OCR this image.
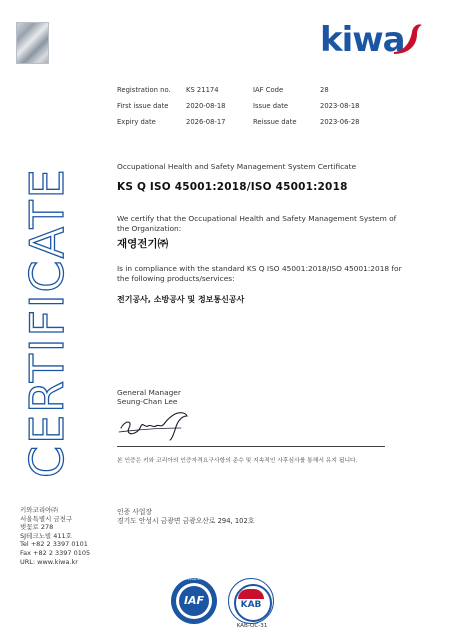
kiwa
CERTIFICATE
Registration no. KS 21174	IAF Code	28
First issue date	2020-08-18	Issue date	2023-08-18
Expiry date	2026-08-17	Reissue date	2023-06-28
Occupational Health and Safety Management System Certificate
KS Q ISO 45001:2018/ISO 45001:2018
We certify that the Occupational Health and Safety Management System of the Organization:
재영전기㈜
Is in compliance with the standard KS Q ISO 45001:2018/ISO 45001:2018 for the following products/services:
전기공사, 소방공사 및 정보통신공사
General Manager
Seung-Chan Lee
본 인증은 키와 코리아의 인증자격요구사항의 준수 및 지속적인 사후심사를 통해서 유지 됩니다.
키와코리아㈜
서울특별시 금천구
벚꽃로 278
SJ테크노빌 411호
Tel +82 2 3397 0101
Fax +82 2 3397 0105
URL: www.kiwa.kr
인증 사업장
경기도 안성시 금광면 금광오산로 294, 102호
IAF
MEMBER OF MULTILATERAL RECOGNITION ARRANGEMENT
KAB
KAB-OC-31
